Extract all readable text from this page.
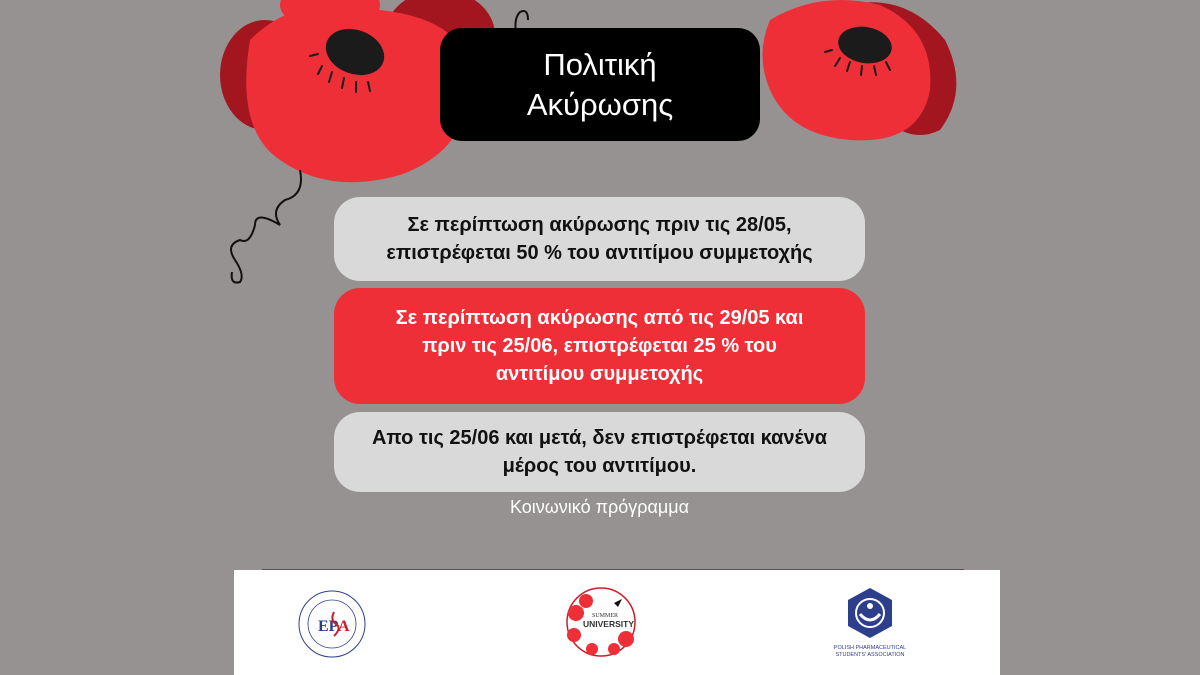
Πολιτική
Ακύρωσης
Σε περίπτωση ακύρωσης πριν τις 28/05,
επιστρέφεται 50 % του αντιτίμου συμμετοχής
Σε περίπτωση ακύρωσης από τις 29/05 και
πριν τις 25/06, επιστρέφεται 25 % του
αντιτίμου συμμετοχής
Απο τις 25/06 και μετά, δεν επιστρέφεται κανένα
μέρος του αντιτίμου.
Κοινωνικό πρόγραμμα
EP A
SUMMER
UNIVERSITY
POLISH PHARMACEUTICAL
STUDENTS' ASSOCIATION
